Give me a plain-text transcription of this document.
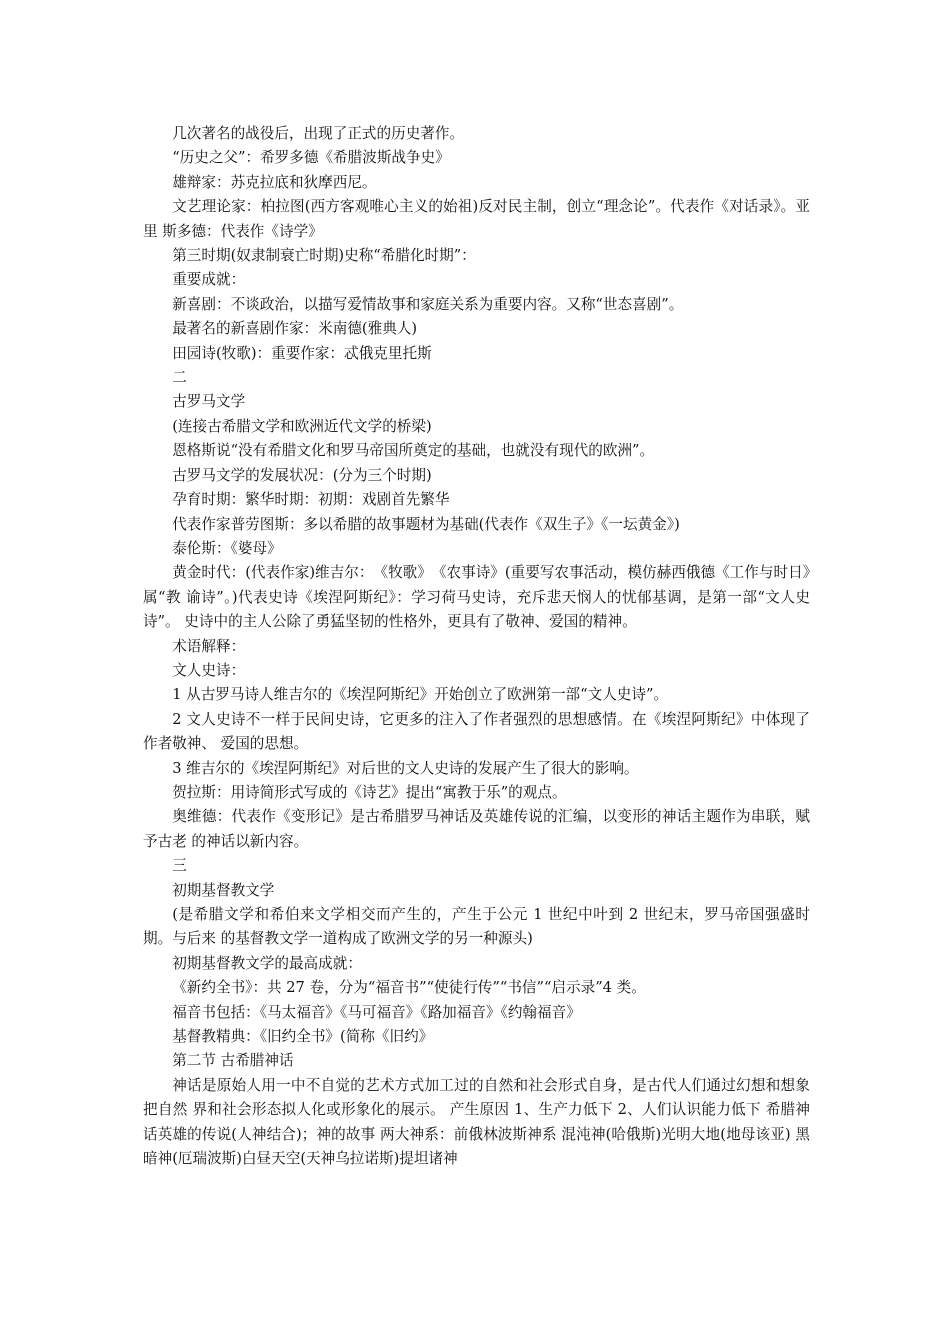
几次著名的战役后，出现了正式的历史著作。

“历史之父”：希罗多德《希腊波斯战争史》

雄辩家：苏克拉底和狄摩西尼。

文艺理论家：柏拉图(西方客观唯心主义的始祖)反对民主制，创立“理念论”。代表作《对话录》。亚里 斯多德：代表作《诗学》

第三时期(奴隶制衰亡时期)史称“希腊化时期”：

重要成就：

新喜剧：不谈政治，以描写爱情故事和家庭关系为重要内容。又称“世态喜剧”。

最著名的新喜剧作家：米南德(雅典人)

田园诗(牧歌)：重要作家：忒俄克里托斯

二

古罗马文学

(连接古希腊文学和欧洲近代文学的桥梁)

恩格斯说“没有希腊文化和罗马帝国所奠定的基础，也就没有现代的欧洲”。

古罗马文学的发展状况：(分为三个时期)

孕育时期：繁华时期：初期：戏剧首先繁华

代表作家普劳图斯：多以希腊的故事题材为基础(代表作《双生子》《一坛黄金》)

泰伦斯：《婆母》

黄金时代：(代表作家)维吉尔：　《牧歌》　《农事诗》(重要写农事活动，模仿赫西俄德《工作与时日》属“教 谕诗”。)代表史诗《埃涅阿斯纪》：学习荷马史诗，充斥悲天悯人的忧郁基调，是第一部“文人史诗”。 史诗中的主人公除了勇猛坚韧的性格外，更具有了敬神、爱国的精神。

术语解释：

文人史诗：

1 从古罗马诗人维吉尔的《埃涅阿斯纪》开始创立了欧洲第一部“文人史诗”。

2 文人史诗不一样于民间史诗，它更多的注入了作者强烈的思想感情。在《埃涅阿斯纪》中体现了作者敬神、 爱国的思想。

3 维吉尔的《埃涅阿斯纪》对后世的文人史诗的发展产生了很大的影响。

贺拉斯：用诗简形式写成的《诗艺》提出“寓教于乐”的观点。

奥维德：代表作《变形记》是古希腊罗马神话及英雄传说的汇编，以变形的神话主题作为串联，赋予古老 的神话以新内容。

三

初期基督教文学

(是希腊文学和希伯来文学相交而产生的，产生于公元 1 世纪中叶到 2 世纪末，罗马帝国强盛时期。与后来 的基督教文学一道构成了欧洲文学的另一种源头)

初期基督教文学的最高成就：

《新约全书》：共 27 卷，分为“福音书”“使徒行传”“书信”“启示录”4 类。

福音书包括：《马太福音》《马可福音》《路加福音》《约翰福音》

基督教精典：《旧约全书》(简称《旧约》

第二节 古希腊神话

神话是原始人用一中不自觉的艺术方式加工过的自然和社会形式自身，是古代人们通过幻想和想象把自然 界和社会形态拟人化或形象化的展示。 产生原因 1、生产力低下 2、人们认识能力低下 希腊神话英雄的传说(人神结合)；神的故事 两大神系：前俄林波斯神系 混沌神(哈俄斯)光明大地(地母该亚) 黑暗神(厄瑞波斯)白昼天空(天神乌拉诺斯)提坦诸神
